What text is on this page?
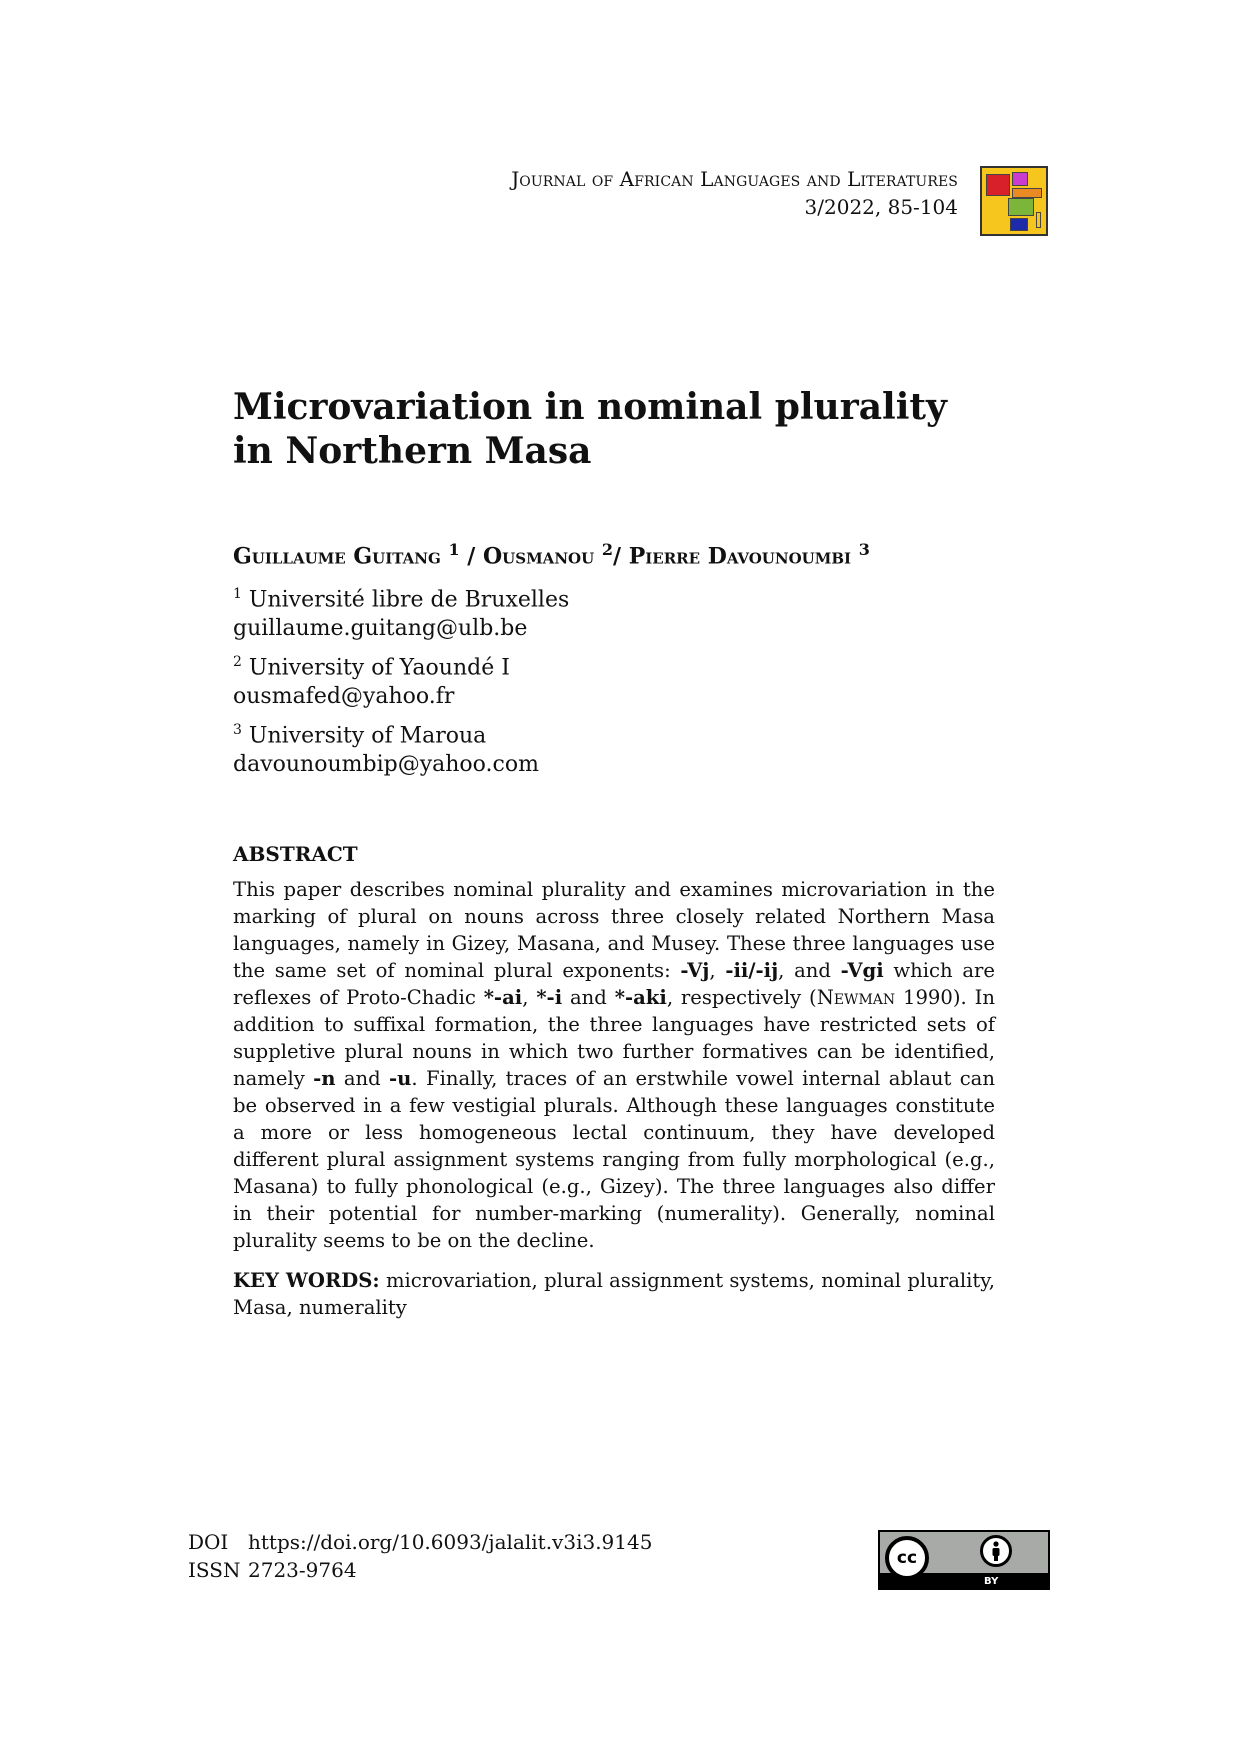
Journal of African Languages and Literatures
3/2022, 85-104
Microvariation in nominal plurality in Northern Masa

Guillaume Guitang $^1$ / Ousmanou $^2$/ Pierre Davounoumbi $^3$

$^1$ Université libre de Bruxelles
guillaume.guitang@ulb.be
$^2$ University of Yaoundé I
ousmafed@yahoo.fr
$^3$ University of Maroua
davounoumbip@yahoo.com
ABSTRACT

This paper describes nominal plurality and examines microvariation in the marking of plural on nouns across three closely related Northern Masa languages, namely in Gizey, Masana, and Musey. These three languages use the same set of nominal plural exponents: -Vj, -ii/-ij, and -Vgi which are reflexes of Proto-Chadic *-ai, *-i and *-aki, respectively (Newman 1990). In addition to suffixal formation, the three languages have restricted sets of suppletive plural nouns in which two further formatives can be identified, namely -n and -u. Finally, traces of an erstwhile vowel internal ablaut can be observed in a few vestigial plurals. Although these languages constitute a more or less homogeneous lectal continuum, they have developed different plural assignment systems ranging from fully morphological (e.g., Masana) to fully phonological (e.g., Gizey). The three languages also differ in their potential for number-marking (numerality). Generally, nominal plurality seems to be on the decline.

KEY WORDS: microvariation, plural assignment systems, nominal plurality, Masa, numerality

DOI https://doi.org/10.6093/jalalit.v3i3.9145
ISSN 2723-9764	cc
BY
